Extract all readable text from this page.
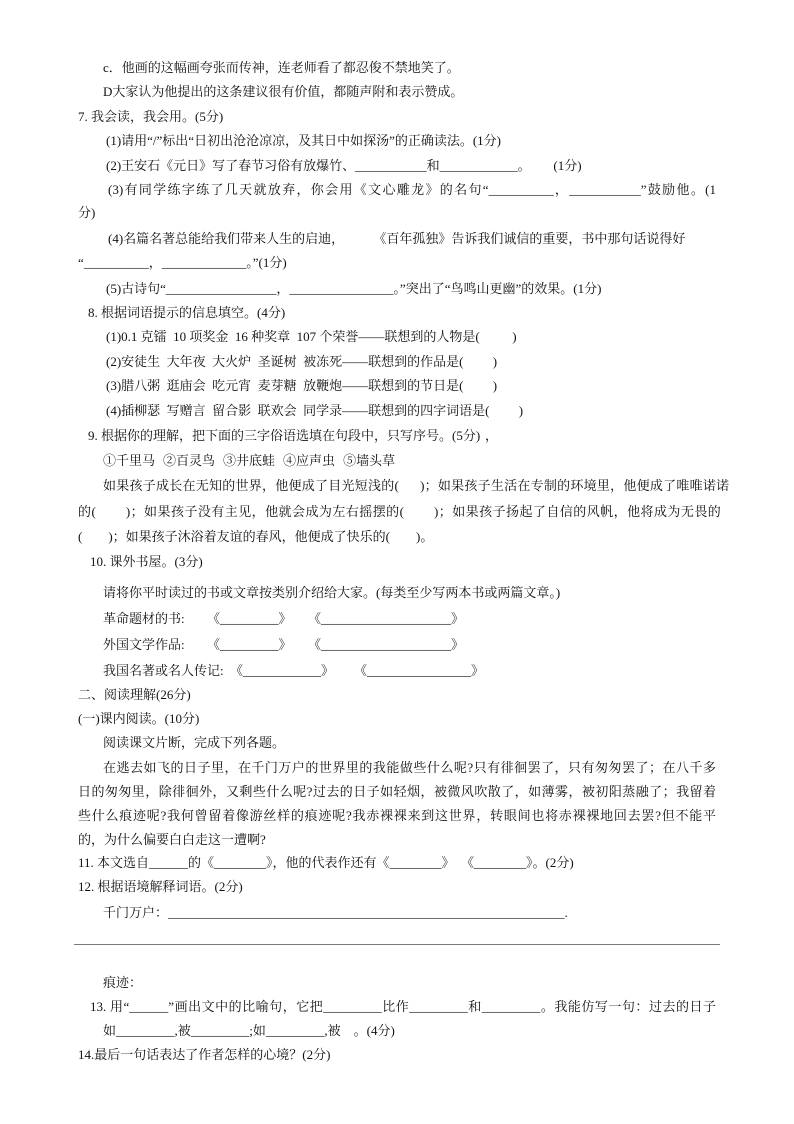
c．他画的这幅画夸张而传神，连老师看了都忍俊不禁地笑了。
D大家认为他提出的这条建议很有价值，都随声附和表示赞成。
7. 我会读，我会用。(5分)
(1)请用“/”标出“日初出沧沧凉凉，及其日中如探汤”的正确读法。(1分)
(2)王安石《元日》写了春节习俗有放爆竹、___________和____________。       (1分)
(3)有同学练字练了几天就放弃，你会用《文心雕龙》的名句“__________，___________”鼓励他。(1
分)
(4)名篇名著总能给我们带来人生的启迪，         《百年孤独》告诉我们诚信的重要，书中那句话说得好
“__________，_____________。”(1分)
(5)古诗句“_________________，________________。”突出了“鸟鸣山更幽”的效果。(1分)
8. 根据词语提示的信息填空。(4分)
(1)0.1 克镭  10 项奖金  16 种奖章  107 个荣誉——联想到的人物是(          )
(2)安徒生  大年夜  大火炉  圣诞树  被冻死——联想到的作品是(         )
(3)腊八粥  逛庙会  吃元宵  麦芽糖  放鞭炮——联想到的节日是(         )
(4)插柳瑟  写赠言  留合影  联欢会  同学录——联想到的四字词语是(         )
9. 根据你的理解，把下面的三字俗语选填在句段中，只写序号。(5分) ，
①千里马 ②百灵鸟 ③井底蛙 ④应声虫 ⑤墙头草
如果孩子成长在无知的世界，他便成了目光短浅的(      )；如果孩子生活在专制的环境里，他便成了唯唯诺诺
的(        )；如果孩子没有主见，他就会成为左右摇摆的(        )；如果孩子扬起了自信的风帆，他将成为无畏的
(        )；如果孩子沐浴着友谊的春风，他便成了快乐的(        )。
10. 课外书屋。(3分)
请将你平时读过的书或文章按类别介绍给大家。(每类至少写两本书或两篇文章。)
革命题材的书: 《_________》 《____________________》
外国文学作品: 《_________》 《____________________》
我国名著或名人传记: 《____________》 《________________》
二、阅读理解(26分)
(一)课内阅读。(10分)
阅读课文片断，完成下列各题。
在逃去如飞的日子里，在千门万户的世界里的我能做些什么呢?只有徘徊罢了，只有匆匆罢了；在八千多
日的匆匆里，除徘徊外，又剩些什么呢?过去的日子如轻烟，被微风吹散了，如薄雾，被初阳蒸融了；我留着
些什么痕迹呢?我何曾留着像游丝样的痕迹呢?我赤裸裸来到这世界，转眼间也将赤裸裸地回去罢?但不能平
的，为什么偏要白白走这一遭啊?
11. 本文选自______的《________》，他的代表作还有《________》  《________》。(2分)
12. 根据语境解释词语。(2分)
千门万户：_____________________________________________________________.
痕迹：
13. 用“______”画出文中的比喻句，它把_________比作_________和_________。我能仿写一句：过去的日子
如_________,被_________;如_________,被    。(4分)
14.最后一句话表达了作者怎样的心境？(2分)
